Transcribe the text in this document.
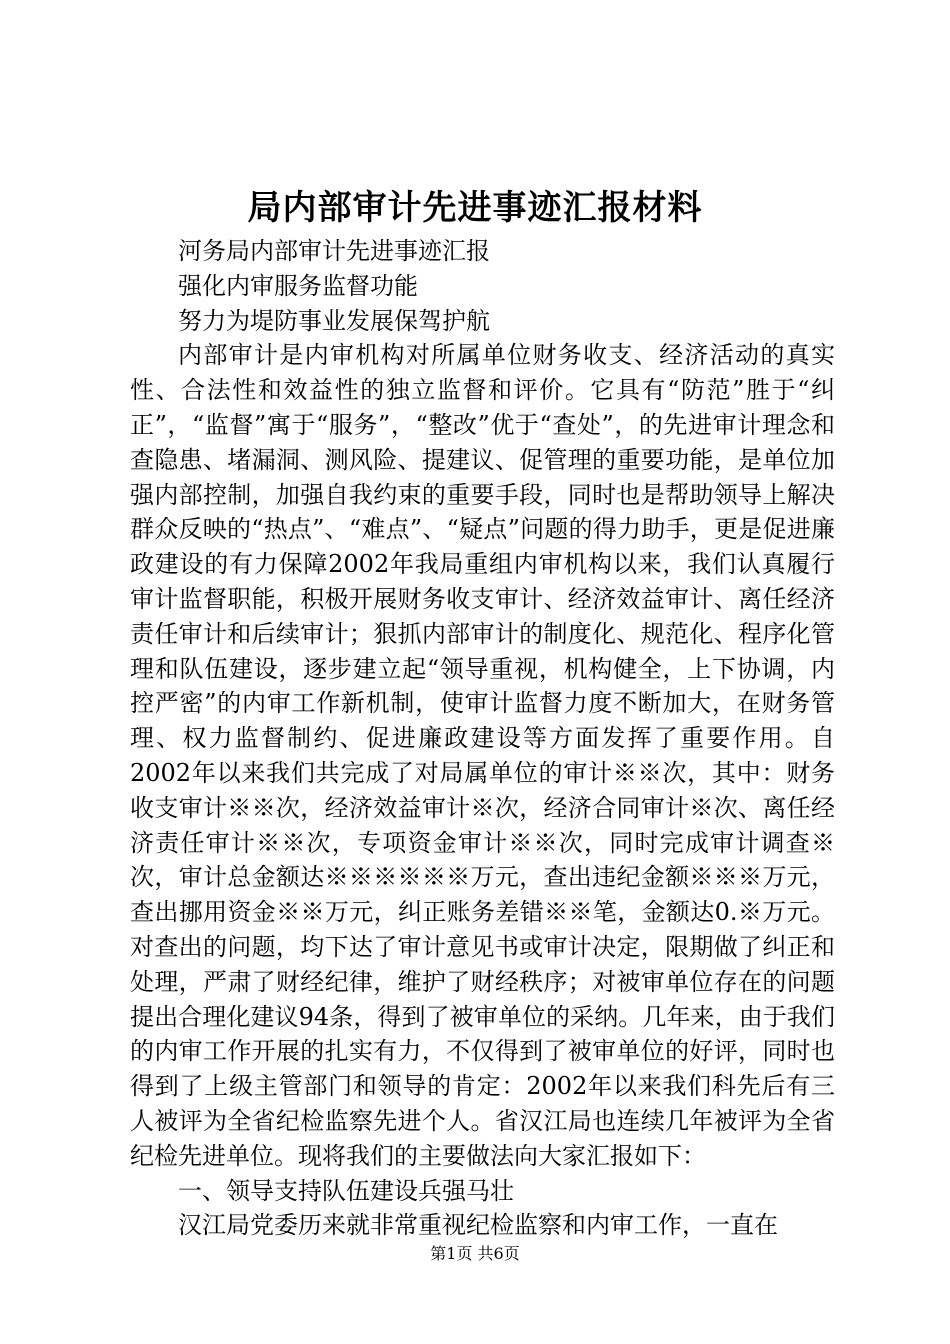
局内部审计先进事迹汇报材料

河务局内部审计先进事迹汇报

强化内审服务监督功能

努力为堤防事业发展保驾护航

内部审计是内审机构对所属单位财务收支、经济活动的真实性、合法性和效益性的独立监督和评价。它具有“防范”胜于“纠正”，“监督”寓于“服务”，“整改”优于“查处”，的先进审计理念和查隐患、堵漏洞、测风险、提建议、促管理的重要功能，是单位加强内部控制，加强自我约束的重要手段，同时也是帮助领导上解决群众反映的“热点”、“难点”、“疑点”问题的得力助手，更是促进廉政建设的有力保障2002年我局重组内审机构以来，我们认真履行审计监督职能，积极开展财务收支审计、经济效益审计、离任经济责任审计和后续审计；狠抓内部审计的制度化、规范化、程序化管理和队伍建设，逐步建立起“领导重视，机构健全，上下协调，内控严密”的内审工作新机制，使审计监督力度不断加大，在财务管理、权力监督制约、促进廉政建设等方面发挥了重要作用。自2002年以来我们共完成了对局属单位的审计※※次，其中：财务收支审计※※次，经济效益审计※次，经济合同审计※次、离任经济责任审计※※次，专项资金审计※※次，同时完成审计调查※次，审计总金额达※※※※※※万元，查出违纪金额※※※万元，查出挪用资金※※万元，纠正账务差错※※笔，金额达0.※万元。对查出的问题，均下达了审计意见书或审计决定，限期做了纠正和处理，严肃了财经纪律，维护了财经秩序；对被审单位存在的问题提出合理化建议94条，得到了被审单位的采纳。几年来，由于我们的内审工作开展的扎实有力，不仅得到了被审单位的好评，同时也得到了上级主管部门和领导的肯定：2002年以来我们科先后有三人被评为全省纪检监察先进个人。省汉江局也连续几年被评为全省纪检先进单位。现将我们的主要做法向大家汇报如下：

一、领导支持队伍建设兵强马壮

汉江局党委历来就非常重视纪检监察和内审工作，一直在

第1页 共6页
